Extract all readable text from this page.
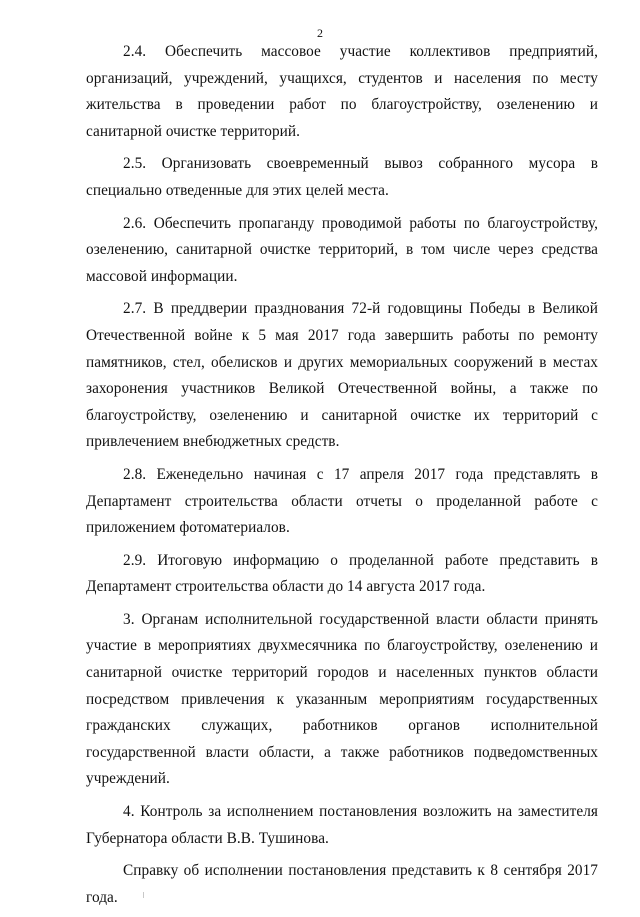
2

2.4. Обеспечить массовое участие коллективов предприятий, организаций, учреждений, учащихся, студентов и населения по месту жительства в проведении работ по благоустройству, озеленению и санитарной очистке территорий.

2.5. Организовать своевременный вывоз собранного мусора в специально отведенные для этих целей места.

2.6. Обеспечить пропаганду проводимой работы по благоустройству, озеленению, санитарной очистке территорий, в том числе через средства массовой информации.

2.7. В преддверии празднования 72-й годовщины Победы в Великой Отечественной войне к 5 мая 2017 года завершить работы по ремонту памятников, стел, обелисков и других мемориальных сооружений в местах захоронения участников Великой Отечественной войны, а также по благоустройству, озеленению и санитарной очистке их территорий с привлечением внебюджетных средств.

2.8. Еженедельно начиная с 17 апреля 2017 года представлять в Департамент строительства области отчеты о проделанной работе с приложением фотоматериалов.

2.9. Итоговую информацию о проделанной работе представить в Департамент строительства области до 14 августа 2017 года.

3. Органам исполнительной государственной власти области принять участие в мероприятиях двухмесячника по благоустройству, озеленению и санитарной очистке территорий городов и населенных пунктов области посредством привлечения к указанным мероприятиям государственных гражданских служащих, работников органов исполнительной государственной власти области, а также работников подведомственных учреждений.

4. Контроль за исполнением постановления возложить на заместителя Губернатора области В.В. Тушинова.

Справку об исполнении постановления представить к 8 сентября 2017 года.
